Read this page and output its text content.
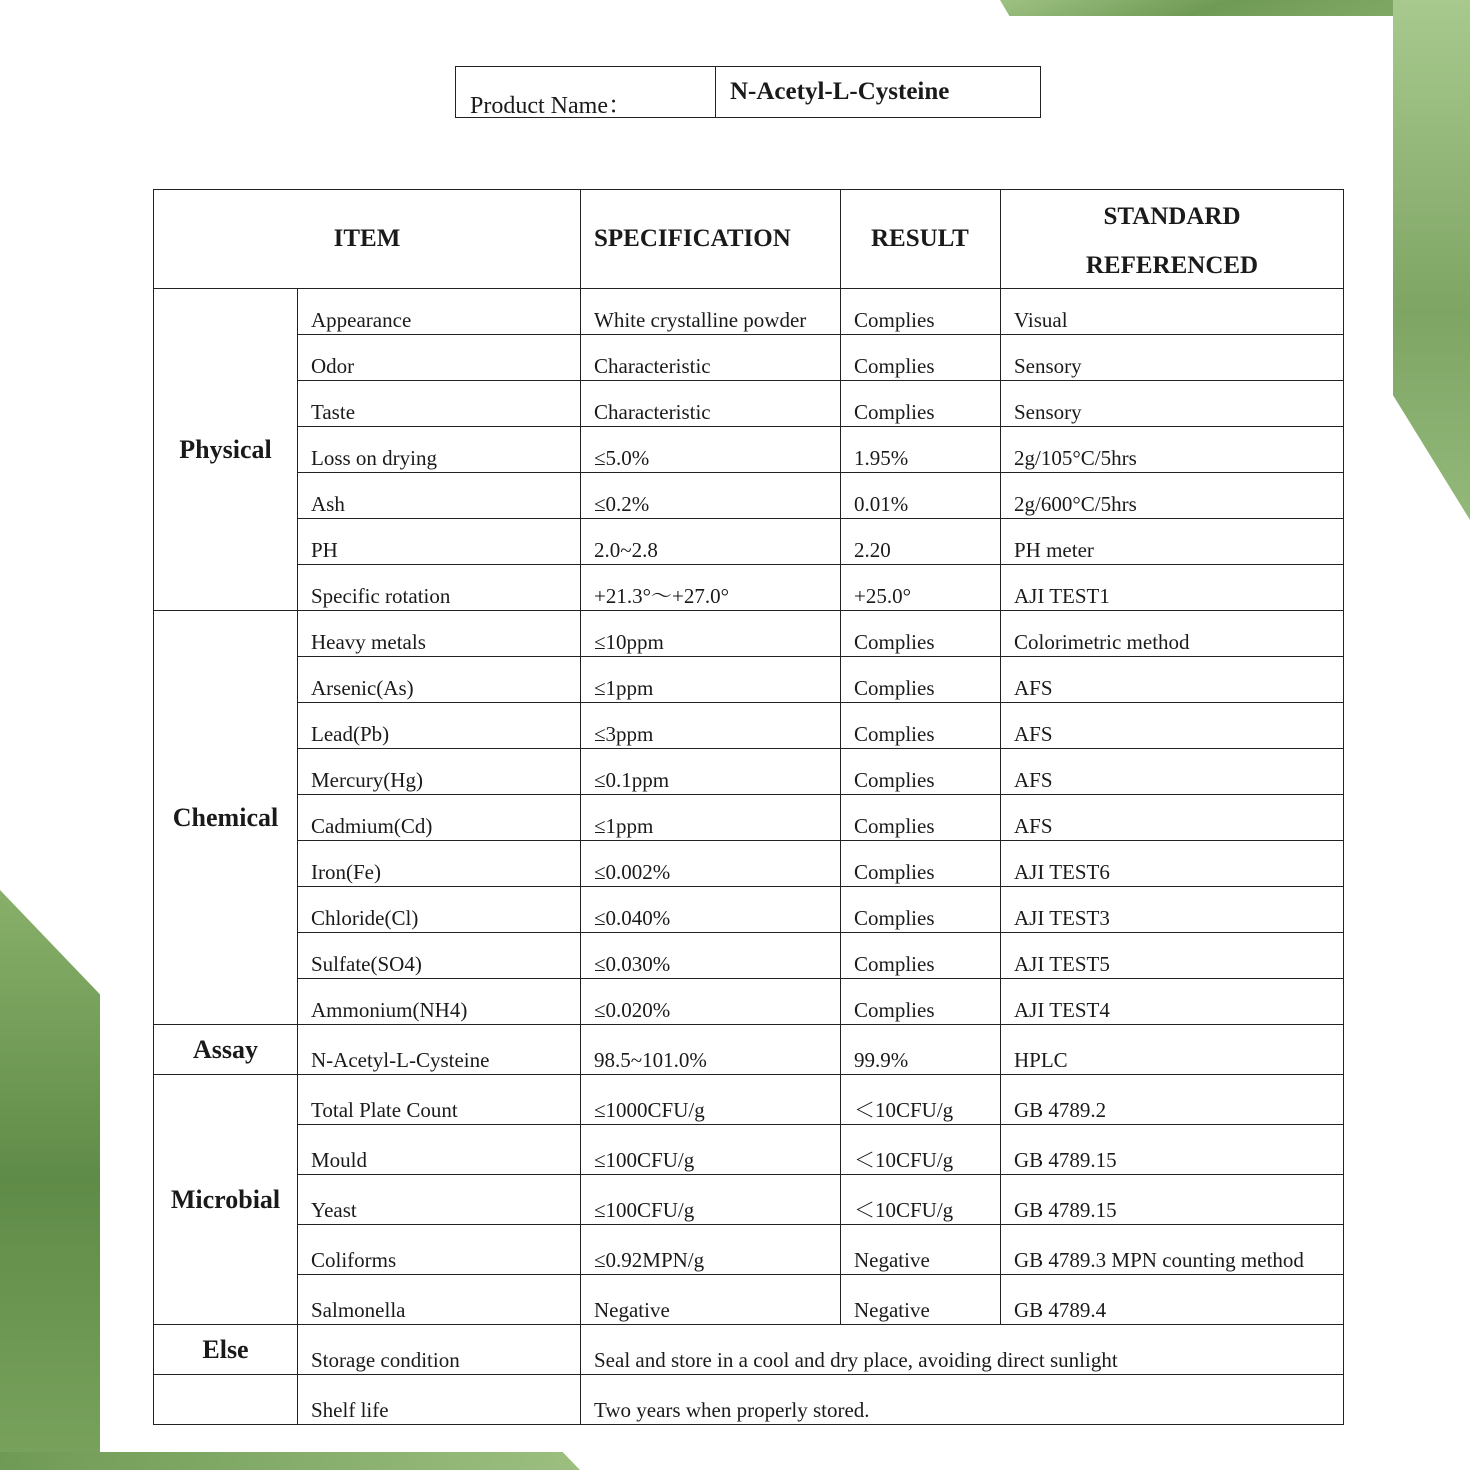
Product Name：
N-Acetyl-L-Cysteine
ITEM		SPECIFICATION	RESULT	STANDARD
REFERENCED

Physical	Appearance	White crystalline powder	Complies	Visual

	Odor	Characteristic	Complies	Sensory

	Taste	Characteristic	Complies	Sensory

	Loss on drying	≤5.0%	1.95%	2g/105°C/5hrs

	Ash	≤0.2%	0.01%	2g/600°C/5hrs

	PH	2.0~2.8	2.20	PH meter

	Specific rotation	+21.3°～+27.0°	+25.0°	AJI TEST1

Chemical	Heavy metals	≤10ppm	Complies	Colorimetric method

	Arsenic(As)	≤1ppm	Complies	AFS

	Lead(Pb)	≤3ppm	Complies	AFS

	Mercury(Hg)	≤0.1ppm	Complies	AFS

	Cadmium(Cd)	≤1ppm	Complies	AFS

	Iron(Fe)	≤0.002%	Complies	AJI TEST6

	Chloride(Cl)	≤0.040%	Complies	AJI TEST3

	Sulfate(SO4)	≤0.030%	Complies	AJI TEST5

	Ammonium(NH4)	≤0.020%	Complies	AJI TEST4

Assay	N-Acetyl-L-Cysteine	98.5~101.0%	99.9%	HPLC

Microbial	Total Plate Count	≤1000CFU/g	＜10CFU/g	GB 4789.2

	Mould	≤100CFU/g	＜10CFU/g	GB 4789.15

	Yeast	≤100CFU/g	＜10CFU/g	GB 4789.15

	Coliforms	≤0.92MPN/g	Negative	GB 4789.3 MPN counting method

	Salmonella	Negative	Negative	GB 4789.4

Else	Storage condition	Seal and store in a cool and dry place, avoiding direct sunlight		

	Shelf life	Two years when properly stored.		
